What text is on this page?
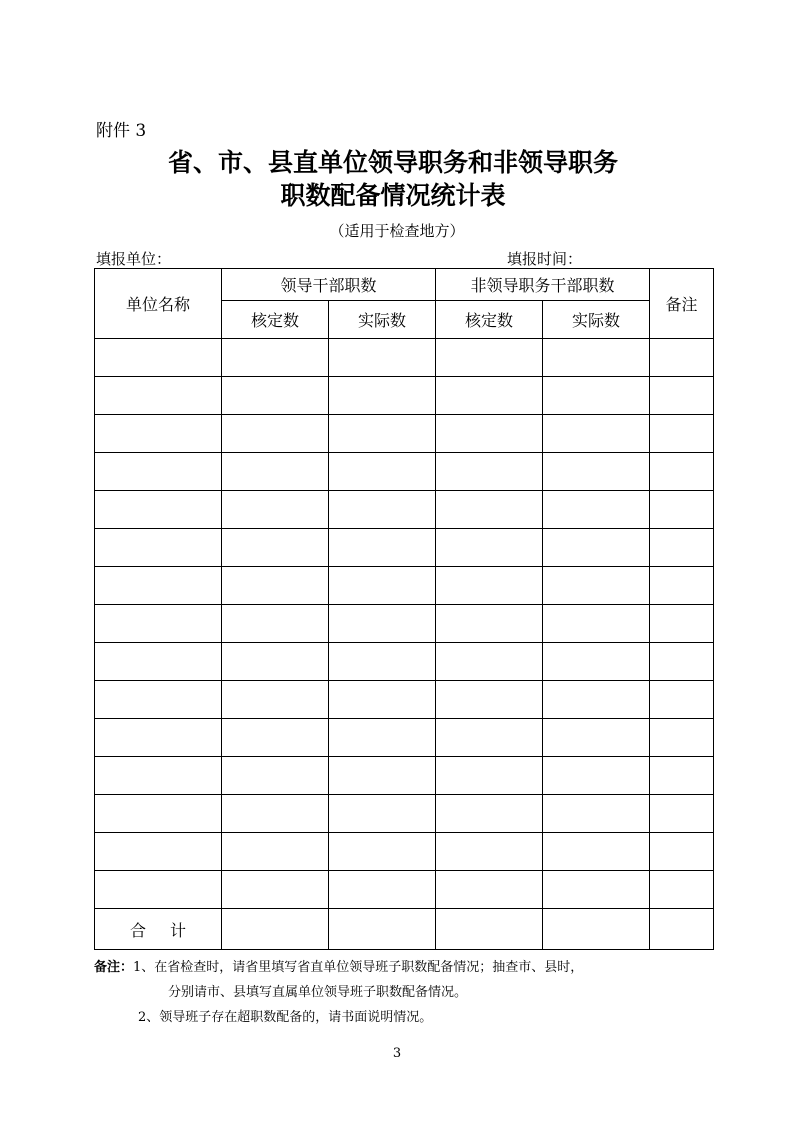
附件 3
省、市、县直单位领导职务和非领导职务
职数配备情况统计表
（适用于检查地方）
填报单位：	填报时间：
单位名称	领导干部职数		非领导职务干部职数		备注
	核定数	实际数	核定数	实际数	

合计					
备注：1、在省检查时，请省里填写省直单位领导班子职数配备情况；抽查市、县时，
分别请市、县填写直属单位领导班子职数配备情况。
2、领导班子存在超职数配备的，请书面说明情况。
3
